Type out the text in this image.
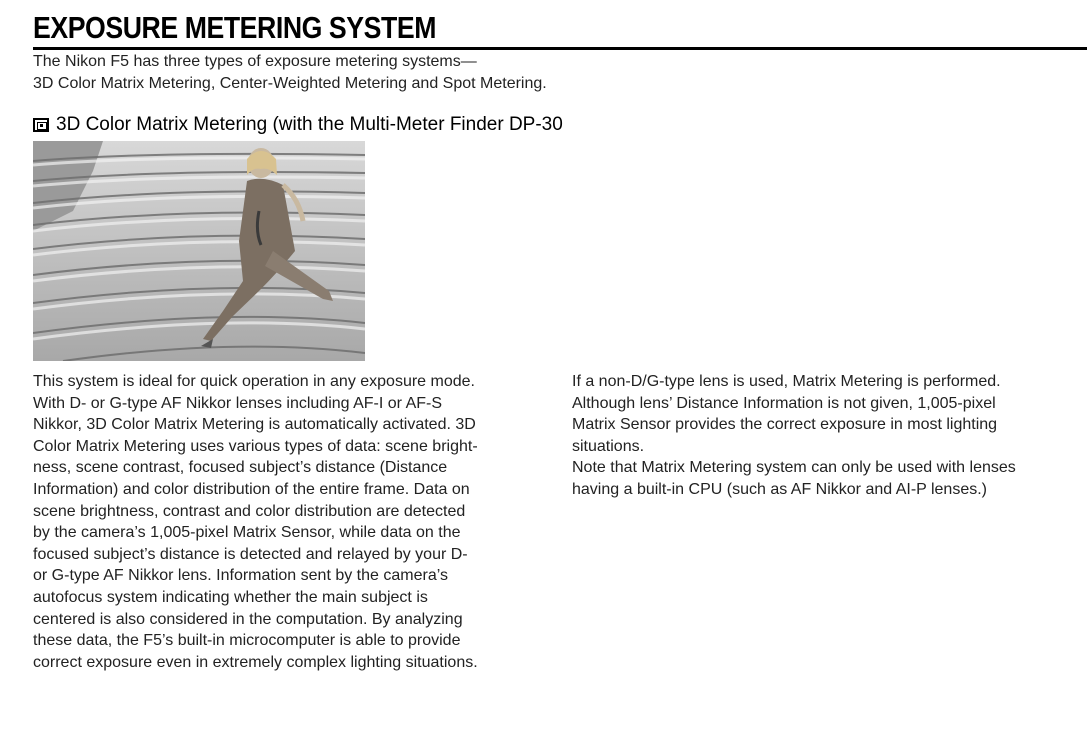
EXPOSURE METERING SYSTEM
The Nikon F5 has three types of exposure metering systems—
3D Color Matrix Metering, Center-Weighted Metering and Spot Metering.
3D Color Matrix Metering (with the Multi-Meter Finder DP-30
This system is ideal for quick operation in any exposure mode.
With D- or G-type AF Nikkor lenses including AF-I or AF-S
Nikkor, 3D Color Matrix Metering is automatically activated. 3D
Color Matrix Metering uses various types of data: scene bright-
ness, scene contrast, focused subject’s distance (Distance
Information) and color distribution of the entire frame. Data on
scene brightness, contrast and color distribution are detected
by the camera’s 1,005-pixel Matrix Sensor, while data on the
focused subject’s distance is detected and relayed by your D-
or G-type AF Nikkor lens. Information sent by the camera’s
autofocus system indicating whether the main subject is
centered is also considered in the computation. By analyzing
these data, the F5’s built-in microcomputer is able to provide
correct exposure even in extremely complex lighting situations.
If a non-D/G-type lens is used, Matrix Metering is performed.
Although lens’ Distance Information is not given, 1,005-pixel
Matrix Sensor provides the correct exposure in most lighting
situations.
Note that Matrix Metering system can only be used with lenses
having a built-in CPU (such as AF Nikkor and AI-P lenses.)
